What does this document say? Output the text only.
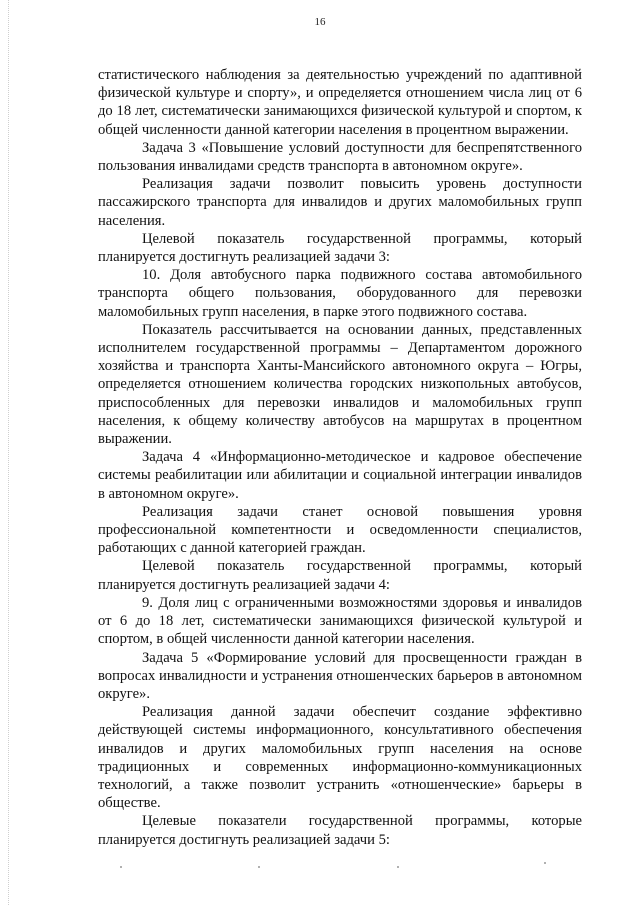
16

статистического наблюдения за деятельностью учреждений по адаптивной физической культуре и спорту», и определяется отношением числа лиц от 6 до 18 лет, систематически занимающихся физической культурой и спортом, к общей численности данной категории населения в процентном выражении.

Задача 3 «Повышение условий доступности для беспрепятственного пользования инвалидами средств транспорта в автономном округе».

Реализация задачи позволит повысить уровень доступности пассажирского транспорта для инвалидов и других маломобильных групп населения.

Целевой показатель государственной программы, который планируется достигнуть реализацией задачи 3:

10. Доля автобусного парка подвижного состава автомобильного транспорта общего пользования, оборудованного для перевозки маломобильных групп населения, в парке этого подвижного состава.

Показатель рассчитывается на основании данных, представленных исполнителем государственной программы – Департаментом дорожного хозяйства и транспорта Ханты-Мансийского автономного округа – Югры, определяется отношением количества городских низкопольных автобусов, приспособленных для перевозки инвалидов и маломобильных групп населения, к общему количеству автобусов на маршрутах в процентном выражении.

Задача 4 «Информационно-методическое и кадровое обеспечение системы реабилитации или абилитации и социальной интеграции инвалидов в автономном округе».

Реализация задачи станет основой повышения уровня профессиональной компетентности и осведомленности специалистов, работающих с данной категорией граждан.

Целевой показатель государственной программы, который планируется достигнуть реализацией задачи 4:

9. Доля лиц с ограниченными возможностями здоровья и инвалидов от 6 до 18 лет, систематически занимающихся физической культурой и спортом, в общей численности данной категории населения.

Задача 5 «Формирование условий для просвещенности граждан в вопросах инвалидности и устранения отношенческих барьеров в автономном округе».

Реализация данной задачи обеспечит создание эффективно действующей системы информационного, консультативного обеспечения инвалидов и других маломобильных групп населения на основе традиционных и современных информационно-коммуникационных технологий, а также позволит устранить «отношенческие» барьеры в обществе.

Целевые показатели государственной программы, которые планируется достигнуть реализацией задачи 5:
